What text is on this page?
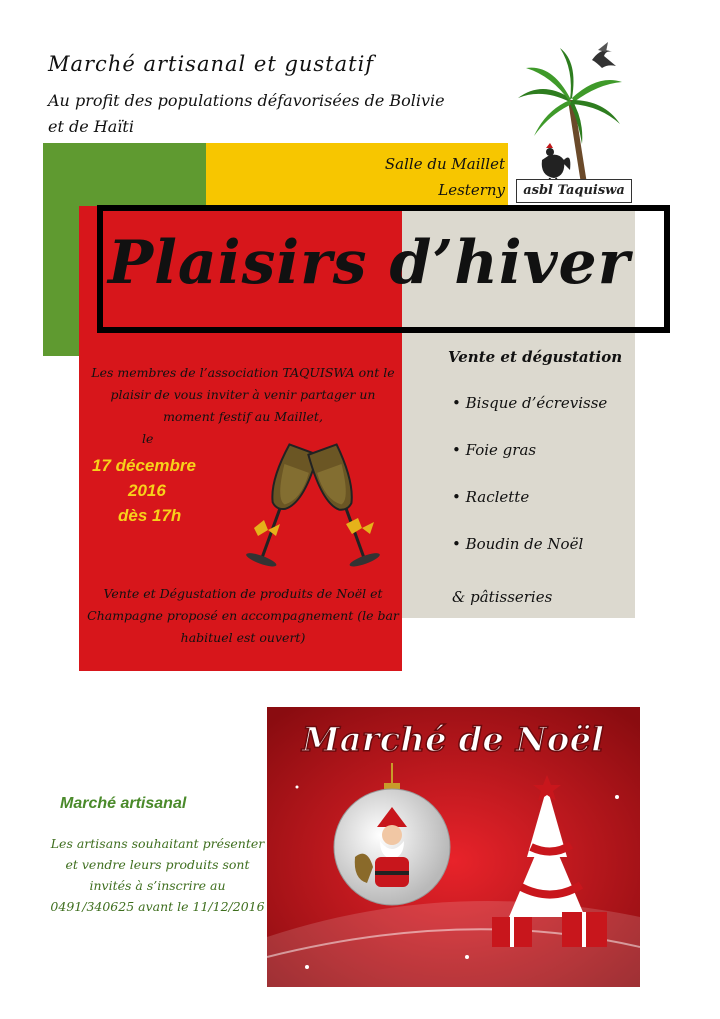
Marché artisanal et gustatif
Au profit des populations défavorisées de Bolivie et de Haïti
Salle du Maillet
Lesterny
Plaisirs d’hiver
asbl Taquiswa
Les membres de l’association TAQUISWA ont le plaisir de vous inviter à venir partager un moment festif au Maillet,
le
17 décembre
2016
dès 17h
Vente et Dégustation de produits de Noël et Champagne proposé en accompagnement (le bar habituel est ouvert)
Vente et dégustation
• Bisque d’écrevisse
• Foie gras
• Raclette
• Boudin de Noël
& pâtisseries
Marché de Noël
Marché artisanal
Les artisans souhaitant présenter et vendre leurs produits sont invités à s’inscrire au 0491/340625 avant le 11/12/2016
